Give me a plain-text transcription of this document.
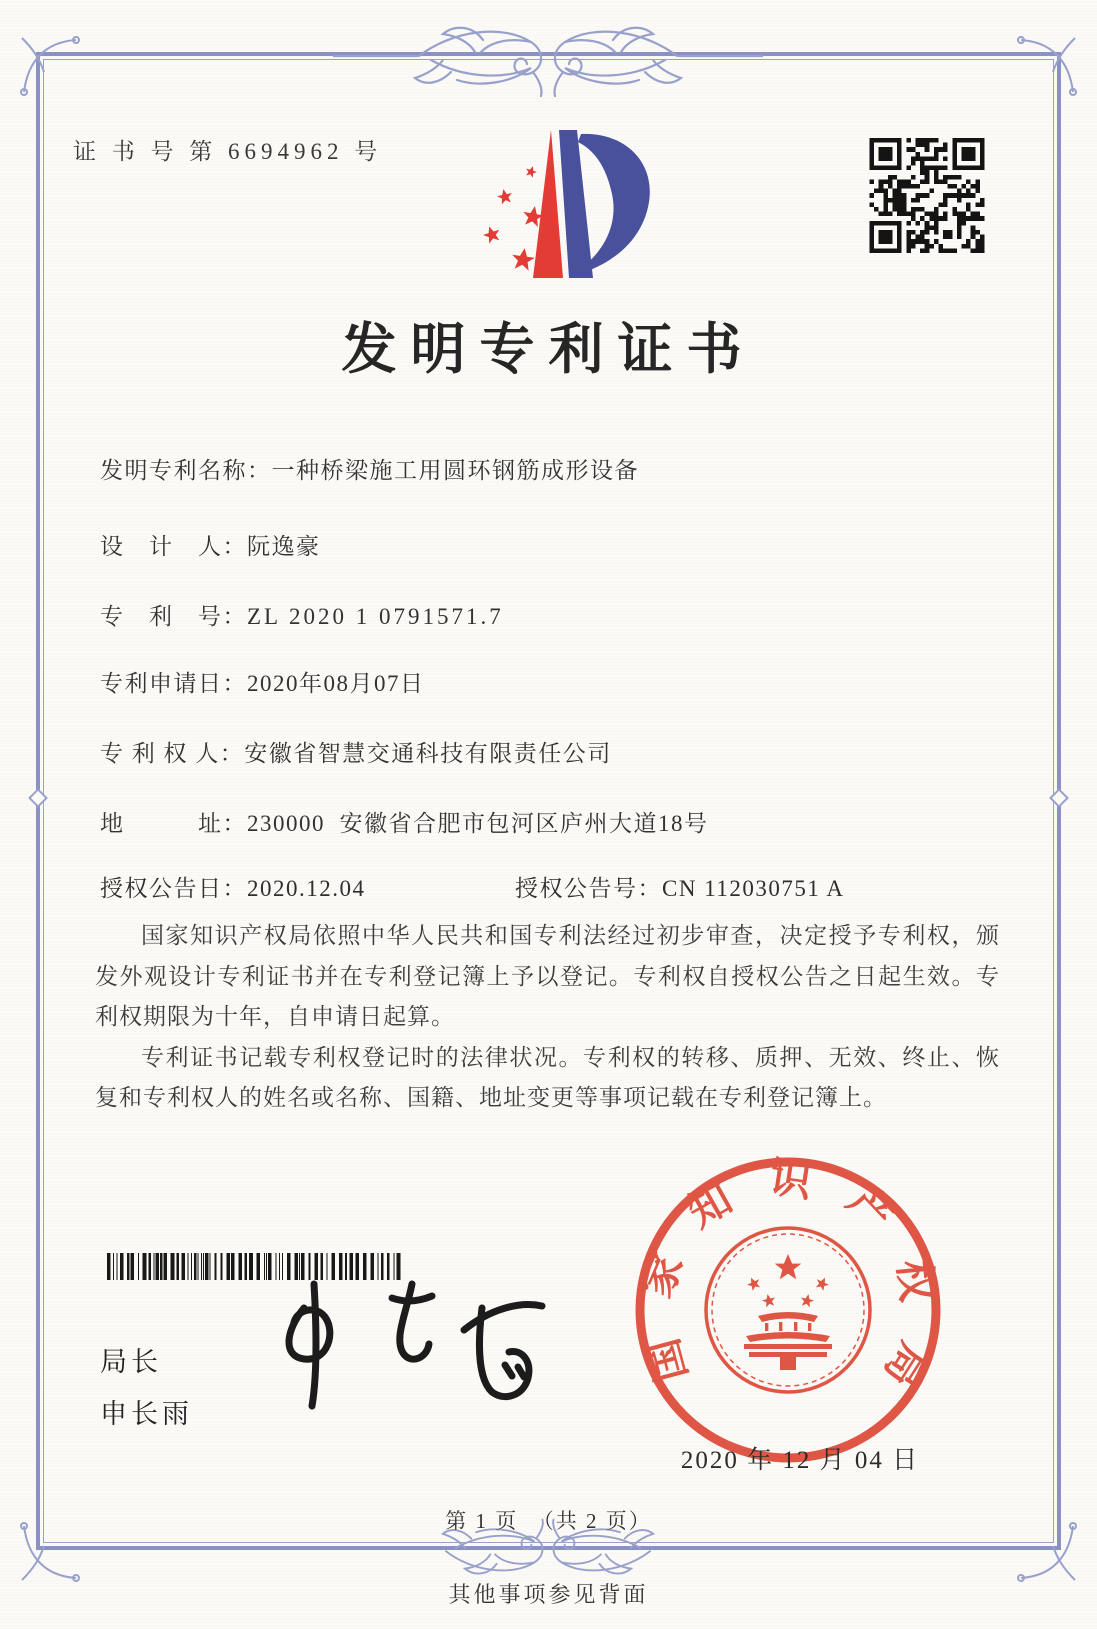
证 书 号 第 6694962 号
发明专利证书
发明专利名称：一种桥梁施工用圆环钢筋成形设备
设　计　人：阮逸豪
专　利　号：ZL 2020 1 0791571.7
专利申请日：2020年08月07日
专 利 权 人：安徽省智慧交通科技有限责任公司
地　　　址：230000  安徽省合肥市包河区庐州大道18号
授权公告日：2020.12.04	授权公告号：CN 112030751 A

国家知识产权局依照中华人民共和国专利法经过初步审查，决定授予专利权，颁发外观设计专利证书并在专利登记簿上予以登记。专利权自授权公告之日起生效。专利权期限为十年，自申请日起算。

专利证书记载专利权登记时的法律状况。专利权的转移、质押、无效、终止、恢复和专利权人的姓名或名称、国籍、地址变更等事项记载在专利登记簿上。

局长
申长雨
国家知识产权局
2020 年 12 月 04 日
第 1 页  （共 2 页）
其他事项参见背面
